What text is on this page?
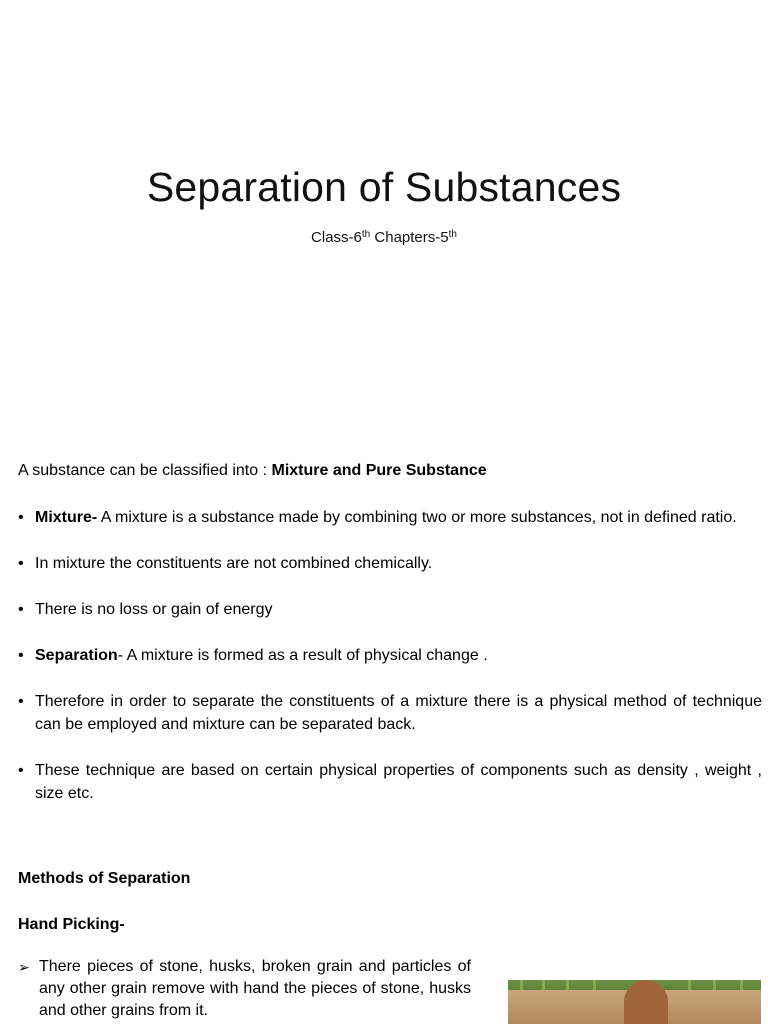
Separation of Substances
Class-6th Chapters-5th
A substance can be classified into : Mixture and Pure Substance
• Mixture- A mixture is a substance made by combining two or more substances, not in defined ratio.
• In mixture the constituents are not combined chemically.
• There is no loss or gain of energy
• Separation- A mixture is formed as a result of physical change .
• Therefore in order to separate the constituents of a mixture there is a physical method of technique can be employed and mixture can be separated back.
• These technique are based on certain physical properties of components such as density , weight , size etc.
Methods of Separation
Hand Picking-
➢ There pieces of stone, husks, broken grain and particles of any other grain remove with hand the pieces of stone, husks and other grains from it.
